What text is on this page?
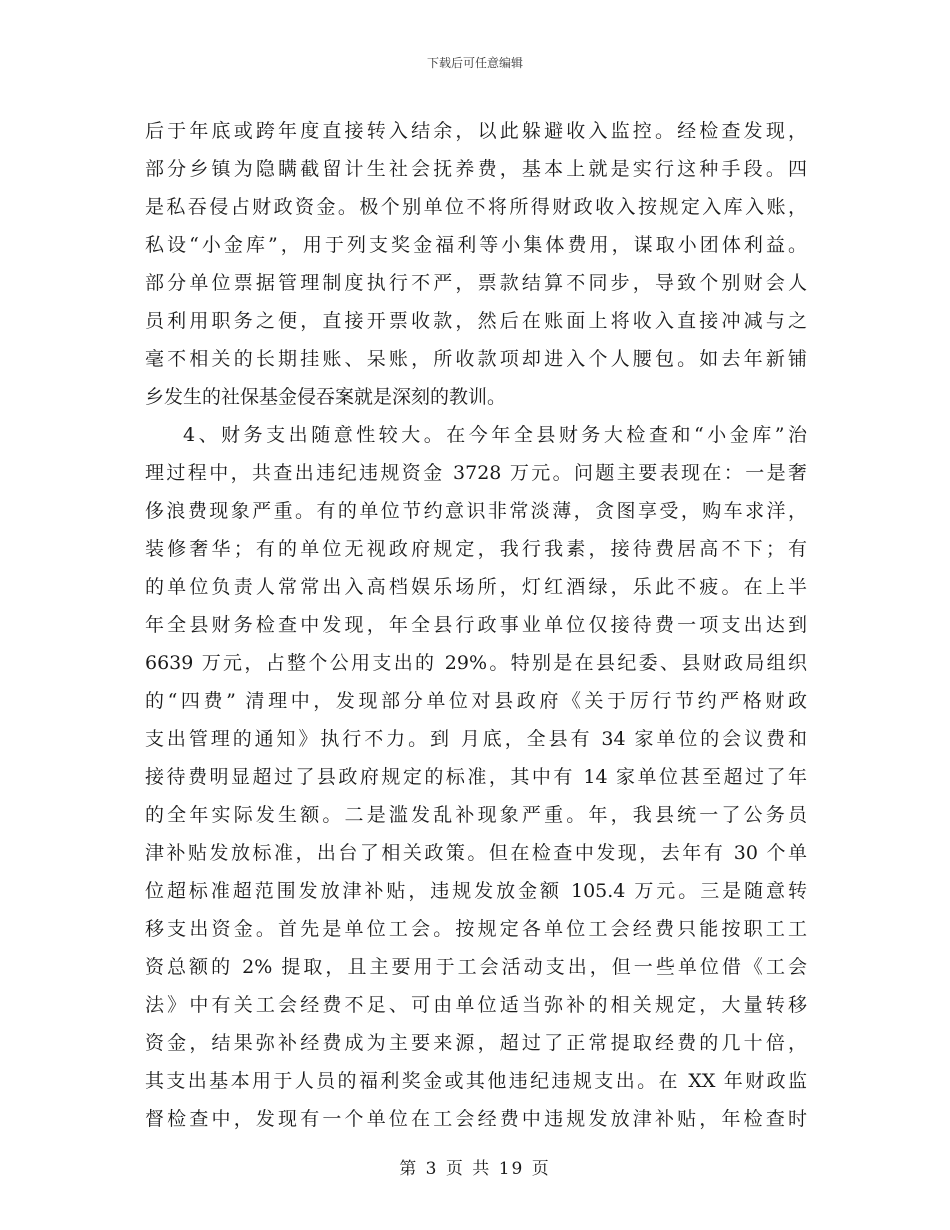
下载后可任意编辑
后于年底或跨年度直接转入结余，以此躲避收入监控。经检查发现，
部分乡镇为隐瞒截留计生社会抚养费，基本上就是实行这种手段。四
是私吞侵占财政资金。极个别单位不将所得财政收入按规定入库入账，
私设“小金库”，用于列支奖金福利等小集体费用，谋取小团体利益。
部分单位票据管理制度执行不严，票款结算不同步，导致个别财会人
员利用职务之便，直接开票收款，然后在账面上将收入直接冲减与之
毫不相关的长期挂账、呆账，所收款项却进入个人腰包。如去年新铺
乡发生的社保基金侵吞案就是深刻的教训。
4、财务支出随意性较大。在今年全县财务大检查和“小金库”治
理过程中，共查出违纪违规资金 3728 万元。问题主要表现在：一是奢
侈浪费现象严重。有的单位节约意识非常淡薄，贪图享受，购车求洋，
装修奢华；有的单位无视政府规定，我行我素，接待费居高不下；有
的单位负责人常常出入高档娱乐场所，灯红酒绿，乐此不疲。在上半
年全县财务检查中发现，年全县行政事业单位仅接待费一项支出达到
6639 万元，占整个公用支出的 29%。特别是在县纪委、县财政局组织
的“四费” 清理中，发现部分单位对县政府《关于厉行节约严格财政
支出管理的通知》执行不力。到 月底，全县有 34 家单位的会议费和
接待费明显超过了县政府规定的标准，其中有 14 家单位甚至超过了年
的全年实际发生额。二是滥发乱补现象严重。年，我县统一了公务员
津补贴发放标准，出台了相关政策。但在检查中发现，去年有 30 个单
位超标准超范围发放津补贴，违规发放金额 105.4 万元。三是随意转
移支出资金。首先是单位工会。按规定各单位工会经费只能按职工工
资总额的 2% 提取，且主要用于工会活动支出，但一些单位借《工会
法》中有关工会经费不足、可由单位适当弥补的相关规定，大量转移
资金，结果弥补经费成为主要来源，超过了正常提取经费的几十倍，
其支出基本用于人员的福利奖金或其他违纪违规支出。在 XX 年财政监
督检查中，发现有一个单位在工会经费中违规发放津补贴，年检查时
第 3 页 共 19 页
